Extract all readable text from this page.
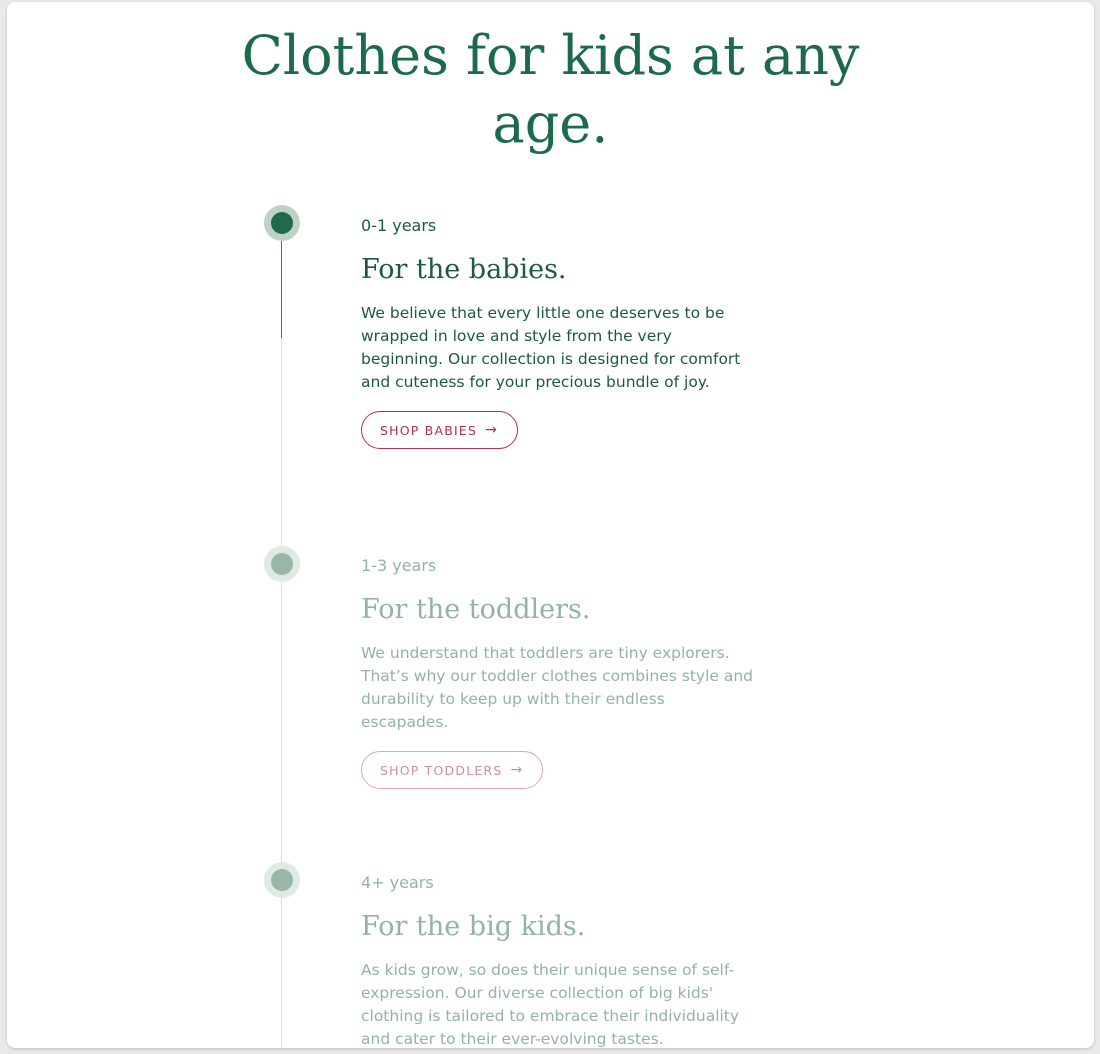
Clothes for kids at any
age.

0-1 years

For the babies.

We believe that every little one deserves to be wrapped in love and style from the very beginning. Our collection is designed for comfort and cuteness for your precious bundle of joy.

SHOP BABIES →

1-3 years

For the toddlers.

We understand that toddlers are tiny explorers. That’s why our toddler clothes combines style and durability to keep up with their endless escapades.

SHOP TODDLERS →

4+ years

For the big kids.

As kids grow, so does their unique sense of self-expression. Our diverse collection of big kids' clothing is tailored to embrace their individuality and cater to their ever-evolving tastes.
